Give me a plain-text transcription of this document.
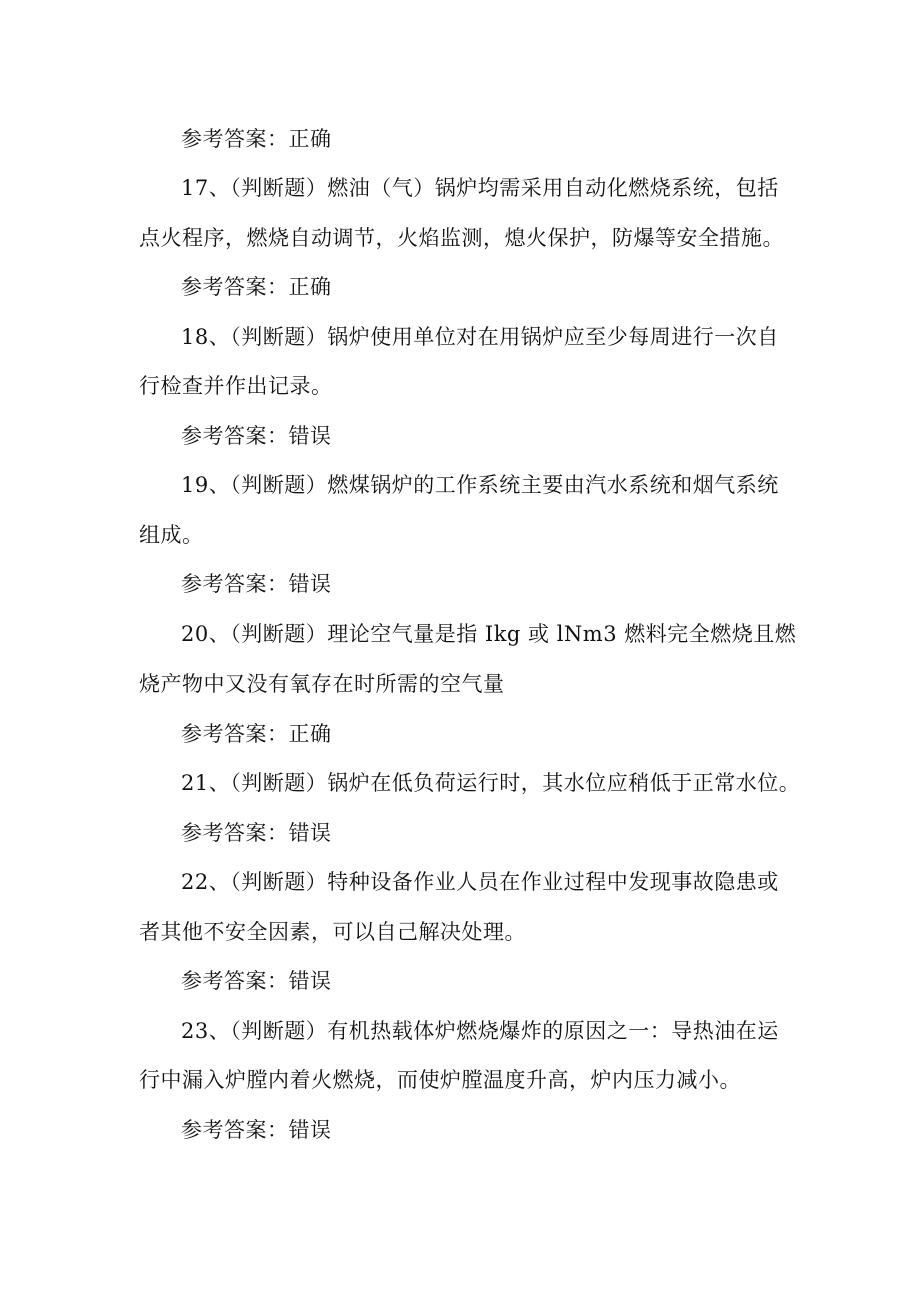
参考答案：正确
17、（判断题）燃油（气）锅炉均需采用自动化燃烧系统，包括
点火程序，燃烧自动调节，火焰监测，熄火保护，防爆等安全措施。
参考答案：正确
18、（判断题）锅炉使用单位对在用锅炉应至少每周进行一次自
行检查并作出记录。
参考答案：错误
19、（判断题）燃煤锅炉的工作系统主要由汽水系统和烟气系统
组成。
参考答案：错误
20、（判断题）理论空气量是指 Ikg 或 lNm3 燃料完全燃烧且燃
烧产物中又没有氧存在时所需的空气量
参考答案：正确
21、（判断题）锅炉在低负荷运行时，其水位应稍低于正常水位。
参考答案：错误
22、（判断题）特种设备作业人员在作业过程中发现事故隐患或
者其他不安全因素，可以自己解决处理。
参考答案：错误
23、（判断题）有机热载体炉燃烧爆炸的原因之一：导热油在运
行中漏入炉膛内着火燃烧，而使炉膛温度升高，炉内压力减小。
参考答案：错误
